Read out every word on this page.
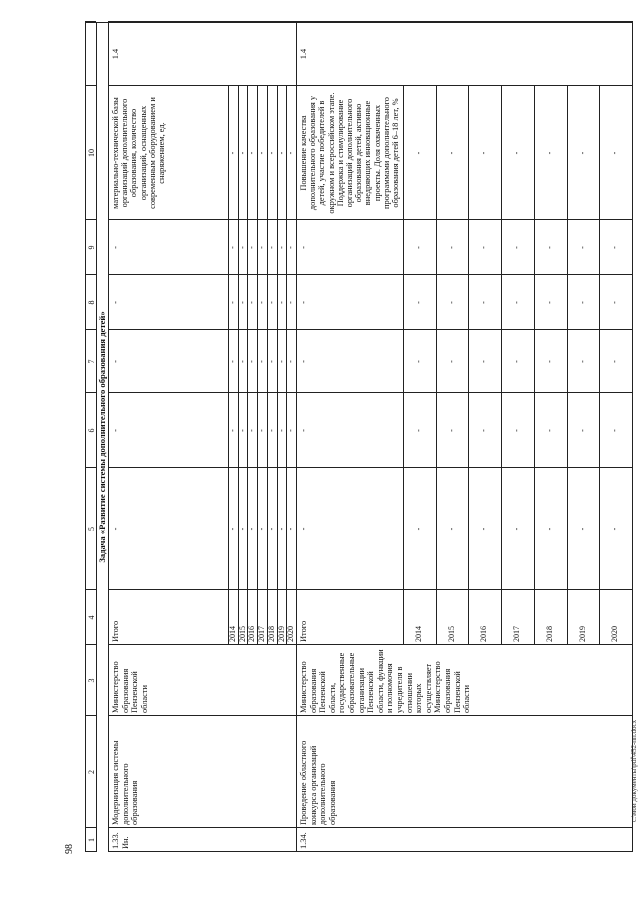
98
1
2
3
4
5
6
7
8
9
10
Задача «Развитие системы дополнительного образования детей»
1.33.
Ин.
Модернизация системы дополнительного образования
Министерство образования Пензенской области
Итого
-
-
-
-
-
материально-технической базы организаций дополнительного образования, количество организаций, оснащенных современным оборудованием и снаряжением, ед.
1.4
1.34.
Проведение областного конкурса организаций дополнительного образования
Министерство образования Пензенской области, государственные образовательные организации Пензенской области, функции и полномочия учредителя в отношении которых осуществляет Министерство образования Пензенской области
Итого
-
-
-
-
-
Повышение качества дополнительного образования у детей, участие победителей в окружном и всероссийском этапе. Поддержка и стимулирование организаций дополнительного образования детей, активно внедряющих инновационные проекты. Доля охваченных программами дополнительного образования детей 6–18 лет, %
1.4
2014
-
-
-
-
-
-
2015
-
-
-
-
-
-
2016
-
-
-
-
-
-
2017
-
-
-
-
-
-
2018
-
-
-
-
-
-
2019
-
-
-
-
-
-
2020
-
-
-
-
-
-
2014
-
-
-
-
-
-
2015
-
-
-
-
-
-
2016
-
-
-
-
-
-
2017
-
-
-
-
-
-
2018
-
-
-
-
-
-
2019
-
-
-
-
-
-
2020
-
-
-
-
-
-
c:\мои документы\pdf\452-пп.docx
